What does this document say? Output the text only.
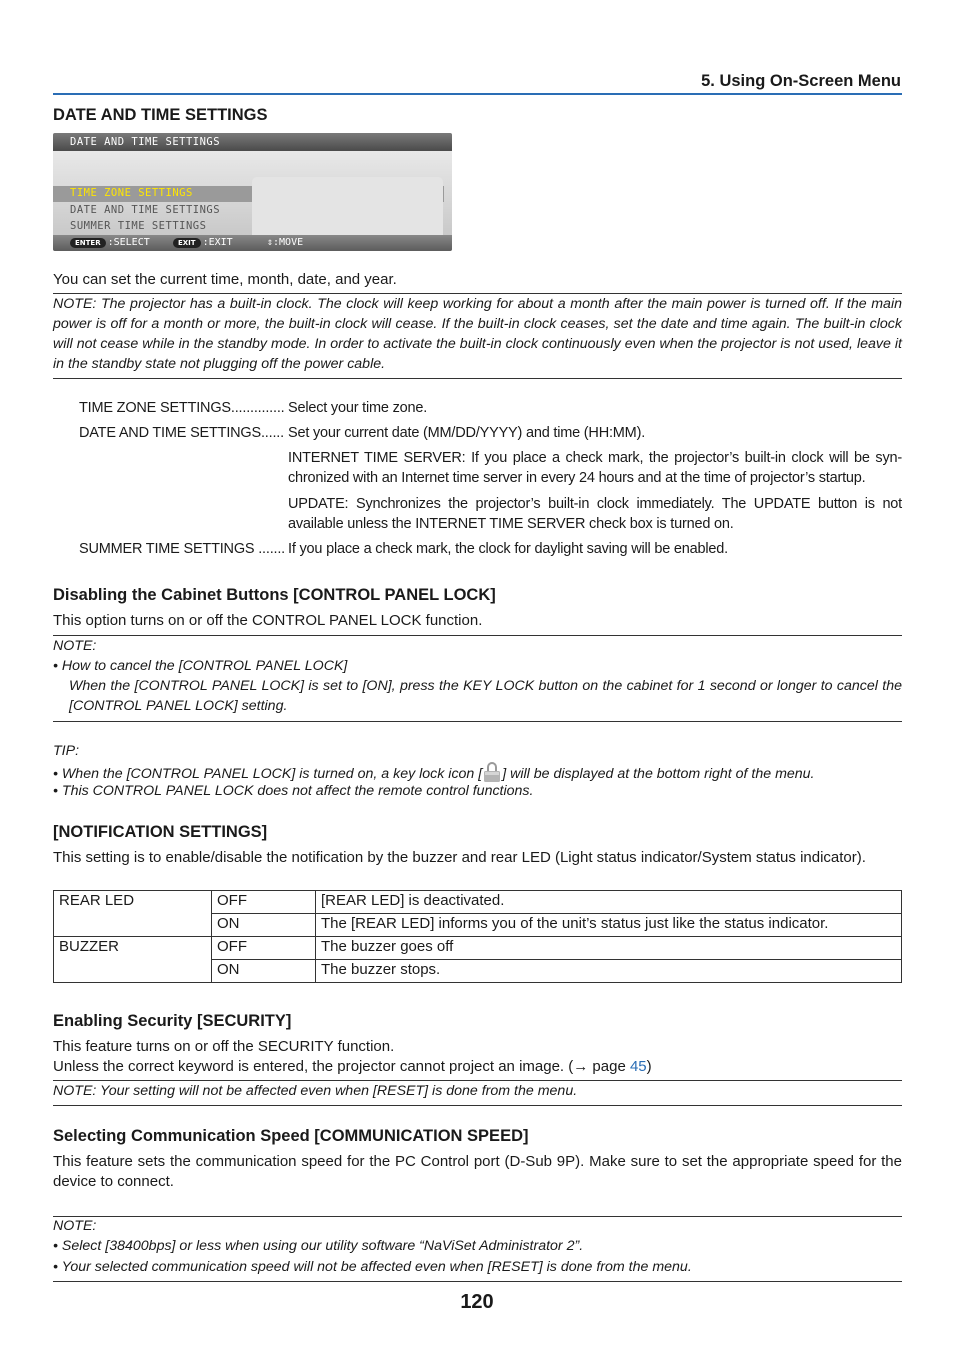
5. Using On-Screen Menu
DATE AND TIME SETTINGS
DATE AND TIME SETTINGS
TIME ZONE SETTINGS
DATE AND TIME SETTINGS
SUMMER TIME SETTINGS
ENTER :SELECT	EXIT :EXIT	⇕:MOVE
You can set the current time, month, date, and year.
NOTE: The projector has a built-in clock. The clock will keep working for about a month after the main power is turned off. If the main power is off for a month or more, the built-in clock will cease. If the built-in clock ceases, set the date and time again. The built-in clock will not cease while in the standby mode. In order to activate the built-in clock continuously even when the projector is not used, leave it in the standby state not plugging off the power cable.
TIME ZONE SETTINGS.............. Select your time zone.
DATE AND TIME SETTINGS...... Set your current date (MM/DD/YYYY) and time (HH:MM).
INTERNET TIME SERVER: If you place a check mark, the projector’s built-in clock will be syn-chronized with an Internet time server in every 24 hours and at the time of projector’s startup.
UPDATE: Synchronizes the projector’s built-in clock immediately. The UPDATE button is not available unless the INTERNET TIME SERVER check box is turned on.
SUMMER TIME SETTINGS ....... If you place a check mark, the clock for daylight saving will be enabled.
Disabling the Cabinet Buttons [CONTROL PANEL LOCK]
This option turns on or off the CONTROL PANEL LOCK function.
NOTE:
• How to cancel the [CONTROL PANEL LOCK]
When the [CONTROL PANEL LOCK] is set to [ON], press the KEY LOCK button on the cabinet for 1 second or longer to cancel the [CONTROL PANEL LOCK] setting.
TIP:
• When the [CONTROL PANEL LOCK] is turned on, a key lock icon [ ] will be displayed at the bottom right of the menu.
• This CONTROL PANEL LOCK does not affect the remote control functions.
[NOTIFICATION SETTINGS]
This setting is to enable/disable the notification by the buzzer and rear LED (Light status indicator/System status indicator).
REAR LED	OFF	[REAR LED] is deactivated.
	ON	The [REAR LED] informs you of the unit’s status just like the status indicator.
BUZZER	OFF	The buzzer goes off
	ON	The buzzer stops.
Enabling Security [SECURITY]
This feature turns on or off the SECURITY function.
Unless the correct keyword is entered, the projector cannot project an image. (→ page 45)
NOTE: Your setting will not be affected even when [RESET] is done from the menu.
Selecting Communication Speed [COMMUNICATION SPEED]
This feature sets the communication speed for the PC Control port (D-Sub 9P). Make sure to set the appropriate speed for the device to connect.
NOTE:
• Select [38400bps] or less when using our utility software “NaViSet Administrator 2”.
• Your selected communication speed will not be affected even when [RESET] is done from the menu.
120
